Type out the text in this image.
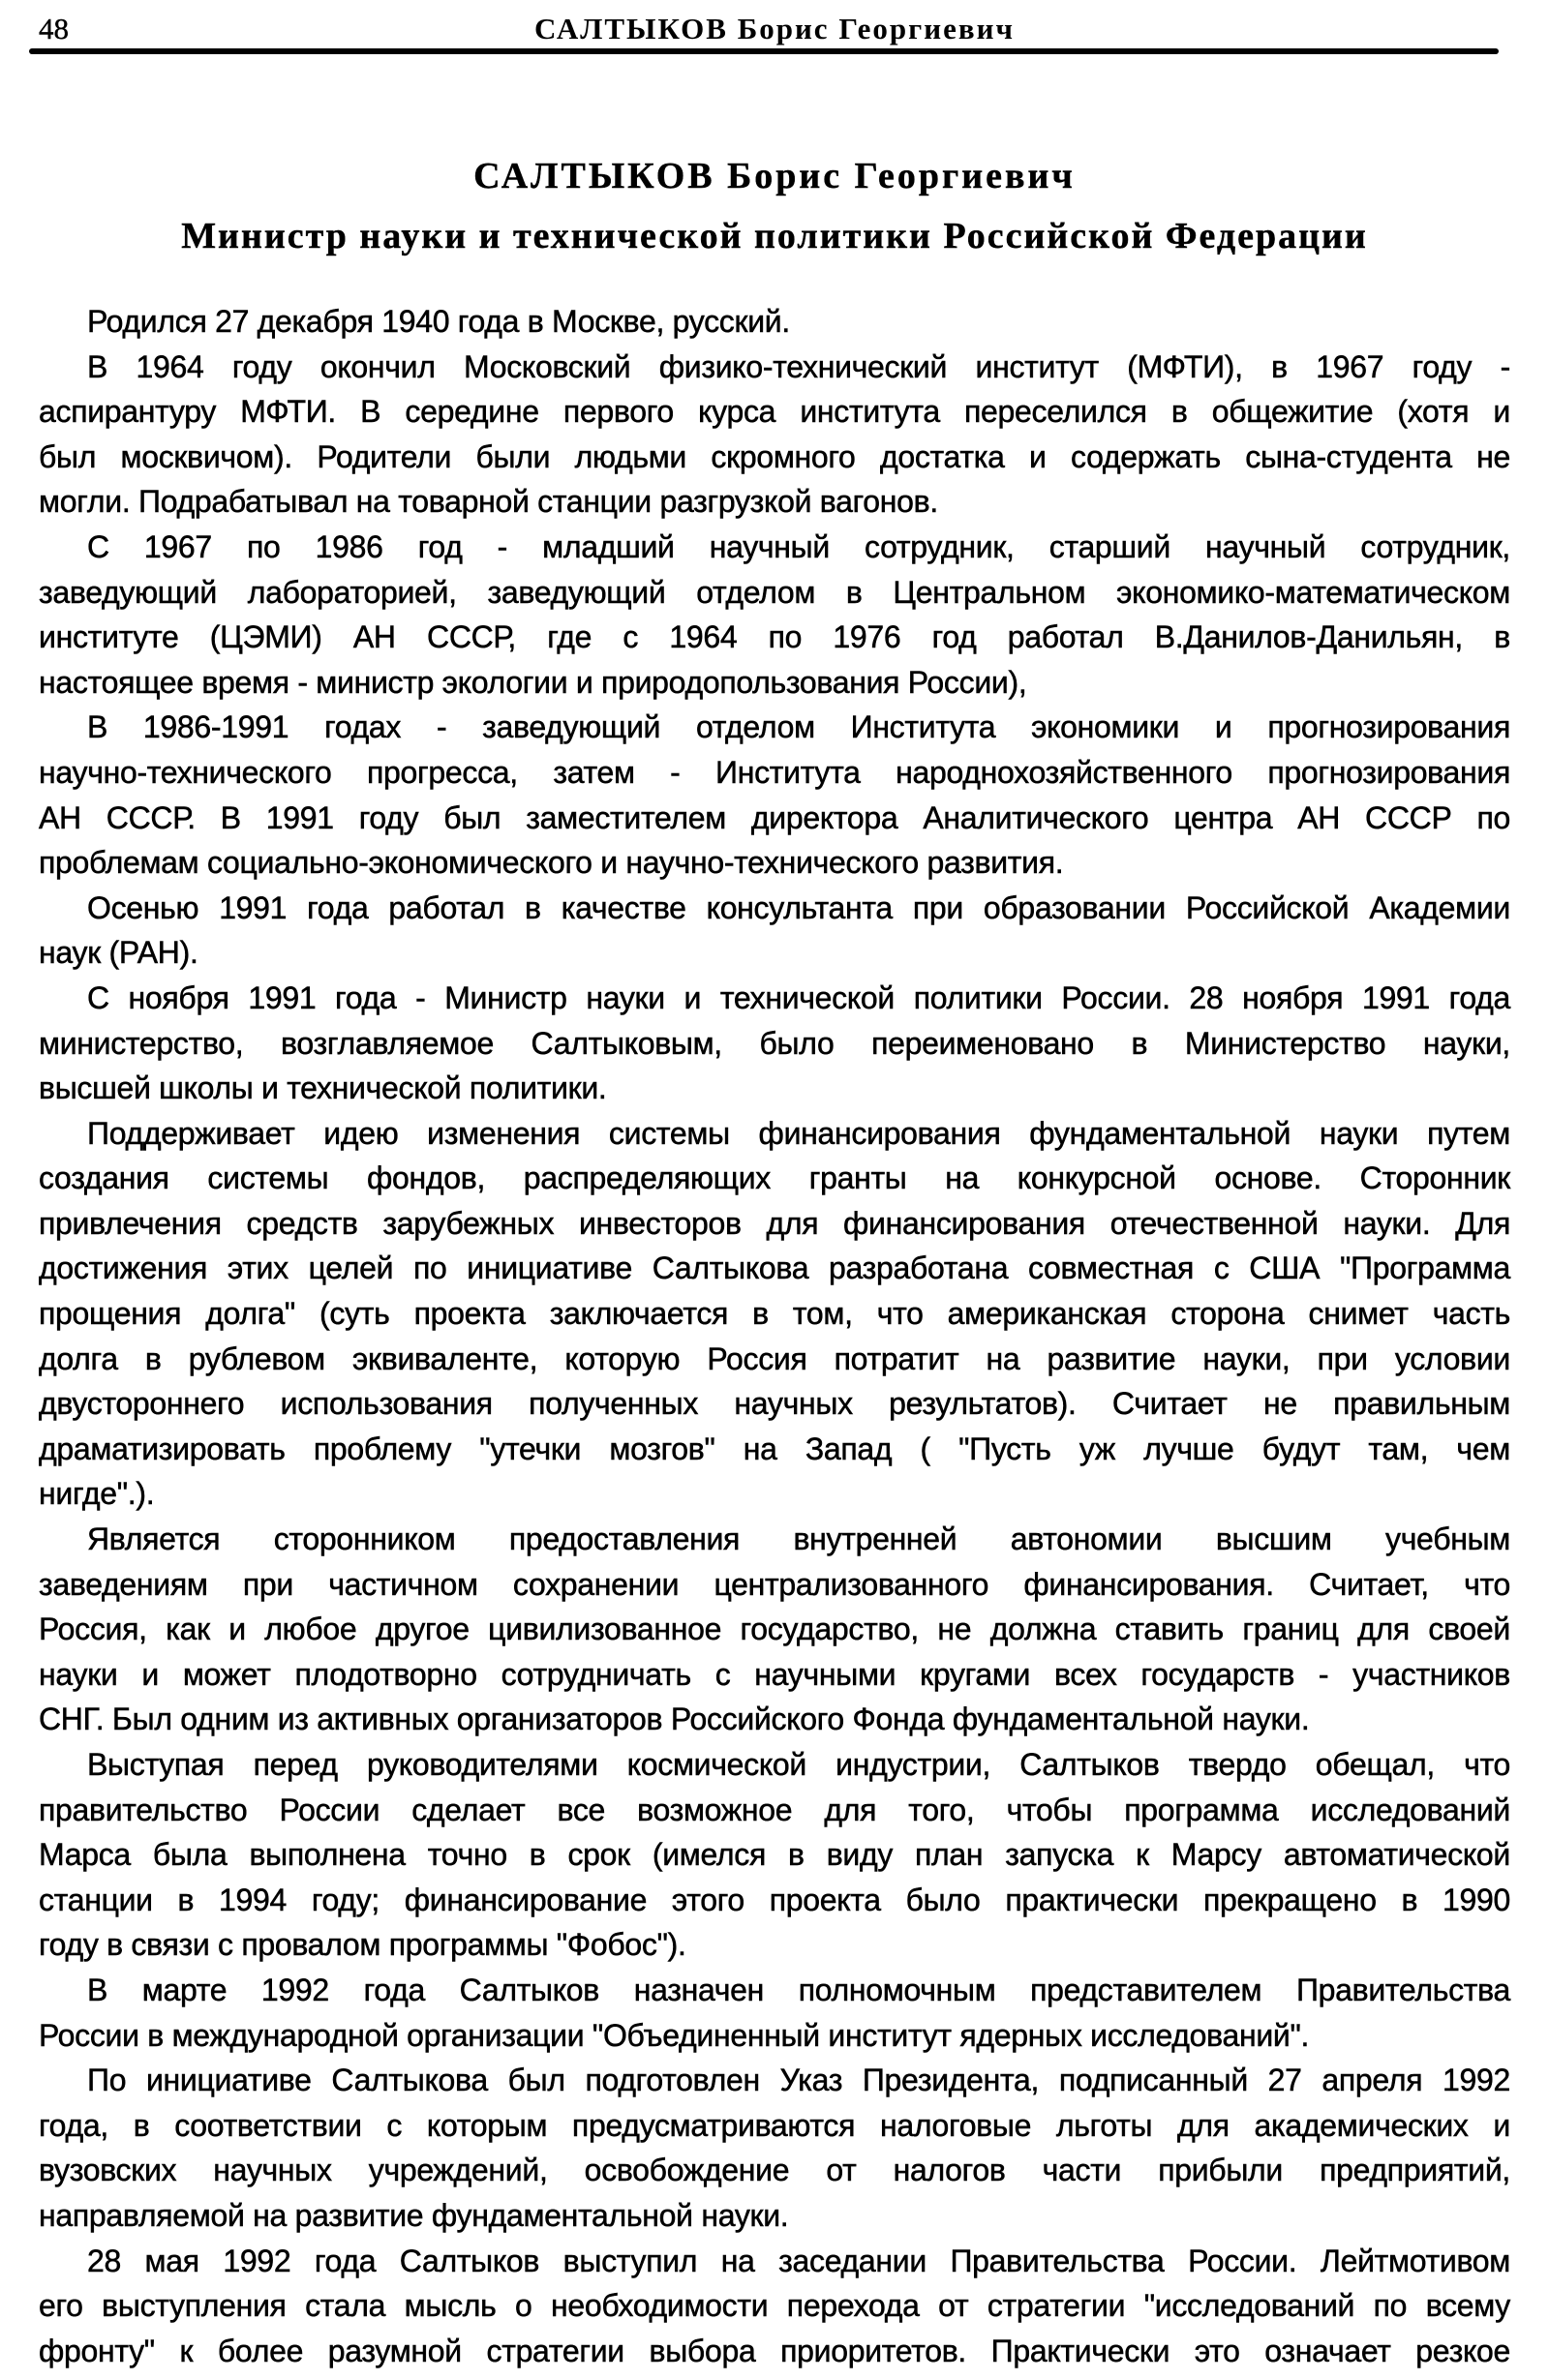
48	САЛТЫКОВ Борис Георгиевич
САЛТЫКОВ Борис Георгиевич
Министр науки и технической политики Российской Федерации
Родился 27 декабря 1940 года в Москве, русский.
В 1964 году окончил Московский физико-технический институт (МФТИ), в 1967 году -
аспирантуру МФТИ. В середине первого курса института переселился в общежитие (хотя и
был москвичом). Родители были людьми скромного достатка и содержать сына-студента не
могли. Подрабатывал на товарной станции разгрузкой вагонов.
С 1967 по 1986 год - младший научный сотрудник, старший научный сотрудник,
заведующий лабораторией, заведующий отделом в Центральном экономико-математическом
институте (ЦЭМИ) АН СССР, где с 1964 по 1976 год работал В.Данилов-Данильян, в
настоящее время - министр экологии и природопользования России),
В 1986-1991 годах - заведующий отделом Института экономики и прогнозирования
научно-технического прогресса, затем - Института народнохозяйственного прогнозирования
АН СССР. В 1991 году был заместителем директора Аналитического центра АН СССР по
проблемам социально-экономического и научно-технического развития.
Осенью 1991 года работал в качестве консультанта при образовании Российской Академии
наук (РАН).
С ноября 1991 года - Министр науки и технической политики России. 28 ноября 1991 года
министерство, возглавляемое Салтыковым, было переименовано в Министерство науки,
высшей школы и технической политики.
Поддерживает идею изменения системы финансирования фундаментальной науки путем
создания системы фондов, распределяющих гранты на конкурсной основе. Сторонник
привлечения средств зарубежных инвесторов для финансирования отечественной науки. Для
достижения этих целей по инициативе Салтыкова разработана совместная с США "Программа
прощения долга" (суть проекта заключается в том, что американская сторона снимет часть
долга в рублевом эквиваленте, которую Россия потратит на развитие науки, при условии
двустороннего использования полученных научных результатов). Считает не правильным
драматизировать проблему "утечки мозгов" на Запад ( "Пусть уж лучше будут там, чем
нигде".).
Является сторонником предоставления внутренней автономии высшим учебным
заведениям при частичном сохранении централизованного финансирования. Считает, что
Россия, как и любое другое цивилизованное государство, не должна ставить границ для своей
науки и может плодотворно сотрудничать с научными кругами всех государств - участников
СНГ. Был одним из активных организаторов Российского Фонда фундаментальной науки.
Выступая перед руководителями космической индустрии, Салтыков твердо обещал, что
правительство России сделает все возможное для того, чтобы программа исследований
Марса была выполнена точно в срок (имелся в виду план запуска к Марсу автоматической
станции в 1994 году; финансирование этого проекта было практически прекращено в 1990
году в связи с провалом программы "Фобос").
В марте 1992 года Салтыков назначен полномочным представителем Правительства
России в международной организации "Объединенный институт ядерных исследований".
По инициативе Салтыкова был подготовлен Указ Президента, подписанный 27 апреля 1992
года, в соответствии с которым предусматриваются налоговые льготы для академических и
вузовских научных учреждений, освобождение от налогов части прибыли предприятий,
направляемой на развитие фундаментальной науки.
28 мая 1992 года Салтыков выступил на заседании Правительства России. Лейтмотивом
его выступления стала мысль о необходимости перехода от стратегии "исследований по всему
фронту" к более разумной стратегии выбора приоритетов. Практически это означает резкое
